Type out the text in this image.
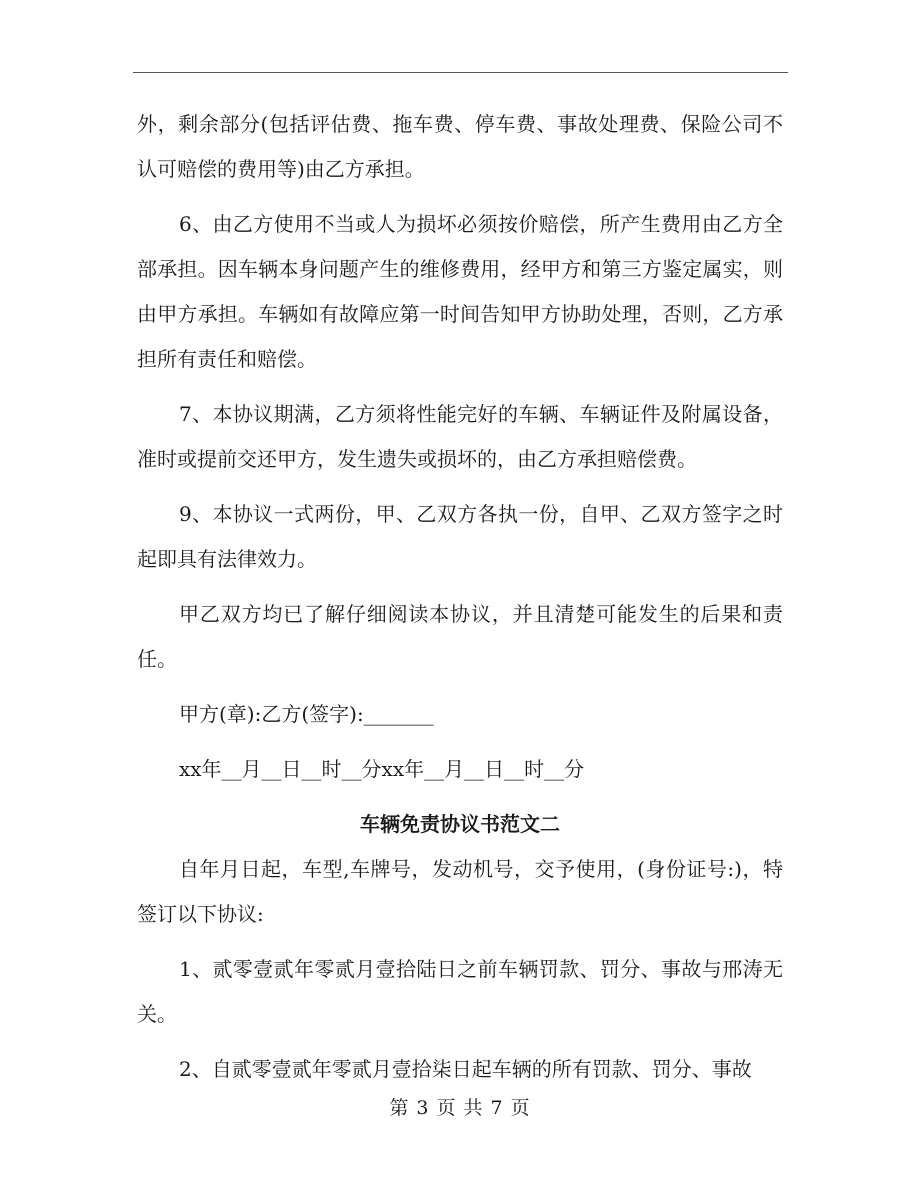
外，剩余部分(包括评估费、拖车费、停车费、事故处理费、保险公司不认可赔偿的费用等)由乙方承担。

6、由乙方使用不当或人为损坏必须按价赔偿，所产生费用由乙方全部承担。因车辆本身问题产生的维修费用，经甲方和第三方鉴定属实，则由甲方承担。车辆如有故障应第一时间告知甲方协助处理，否则，乙方承担所有责任和赔偿。

7、本协议期满，乙方须将性能完好的车辆、车辆证件及附属设备，准时或提前交还甲方，发生遗失或损坏的，由乙方承担赔偿费。

9、本协议一式两份，甲、乙双方各执一份，自甲、乙双方签字之时起即具有法律效力。

甲乙双方均已了解仔细阅读本协议，并且清楚可能发生的后果和责任。

甲方(章):乙方(签字):_______

xx年__月__日__时__分xx年__月__日__时__分

车辆免责协议书范文二

自年月日起，车型,车牌号，发动机号，交予使用，(身份证号:)，特签订以下协议:

1、贰零壹贰年零贰月壹拾陆日之前车辆罚款、罚分、事故与邢涛无关。

2、自贰零壹贰年零贰月壹拾柒日起车辆的所有罚款、罚分、事故

第 3 页 共 7 页
